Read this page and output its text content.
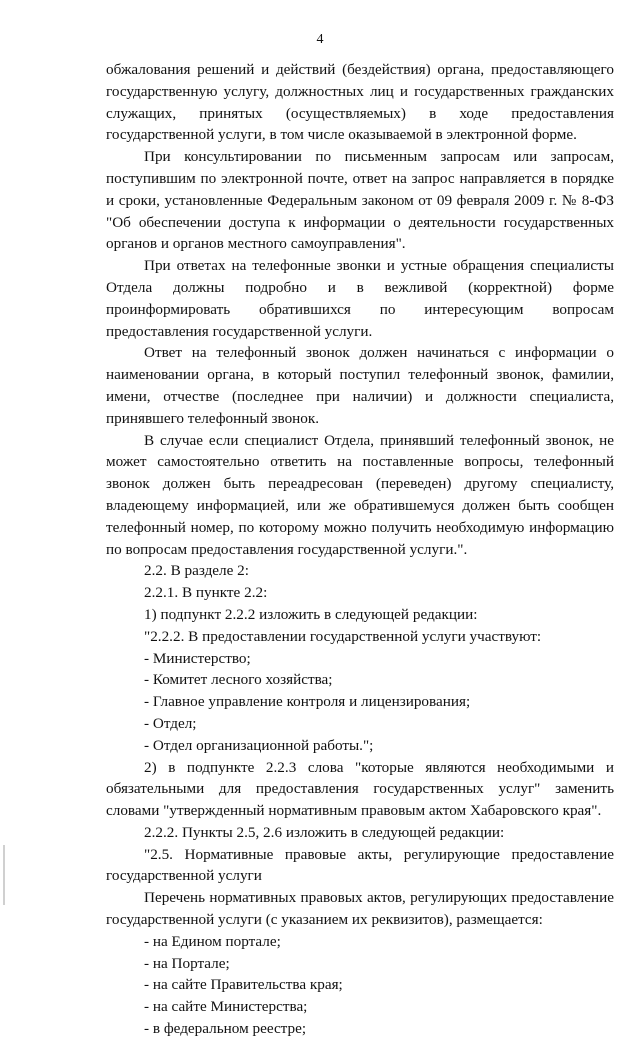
4

обжалования решений и действий (бездействия) органа, предоставляющего государственную услугу, должностных лиц и государственных гражданских служащих, принятых (осуществляемых) в ходе предоставления государственной услуги, в том числе оказываемой в электронной форме.

При консультировании по письменным запросам или запросам, поступившим по электронной почте, ответ на запрос направляется в порядке и сроки, установленные Федеральным законом от 09 февраля 2009 г. № 8-ФЗ "Об обеспечении доступа к информации о деятельности государственных органов и органов местного самоуправления".

При ответах на телефонные звонки и устные обращения специалисты Отдела должны подробно и в вежливой (корректной) форме проинформировать обратившихся по интересующим вопросам предоставления государственной услуги.

Ответ на телефонный звонок должен начинаться с информации о наименовании органа, в который поступил телефонный звонок, фамилии, имени, отчестве (последнее при наличии) и должности специалиста, принявшего телефонный звонок.

В случае если специалист Отдела, принявший телефонный звонок, не может самостоятельно ответить на поставленные вопросы, телефонный звонок должен быть переадресован (переведен) другому специалисту, владеющему информацией, или же обратившемуся должен быть сообщен телефонный номер, по которому можно получить необходимую информацию по вопросам предоставления государственной услуги.".

2.2. В разделе 2:

2.2.1. В пункте 2.2:

1) подпункт 2.2.2 изложить в следующей редакции:

"2.2.2. В предоставлении государственной услуги участвуют:

- Министерство;

- Комитет лесного хозяйства;

- Главное управление контроля и лицензирования;

- Отдел;

- Отдел организационной работы.";

2) в подпункте 2.2.3 слова "которые являются необходимыми и обязательными для предоставления государственных услуг" заменить словами "утвержденный нормативным правовым актом Хабаровского края".

2.2.2. Пункты 2.5, 2.6 изложить в следующей редакции:

"2.5. Нормативные правовые акты, регулирующие предоставление государственной услуги

Перечень нормативных правовых актов, регулирующих предоставление государственной услуги (с указанием их реквизитов), размещается:

- на Едином портале;

- на Портале;

- на сайте Правительства края;

- на сайте Министерства;

- в федеральном реестре;
